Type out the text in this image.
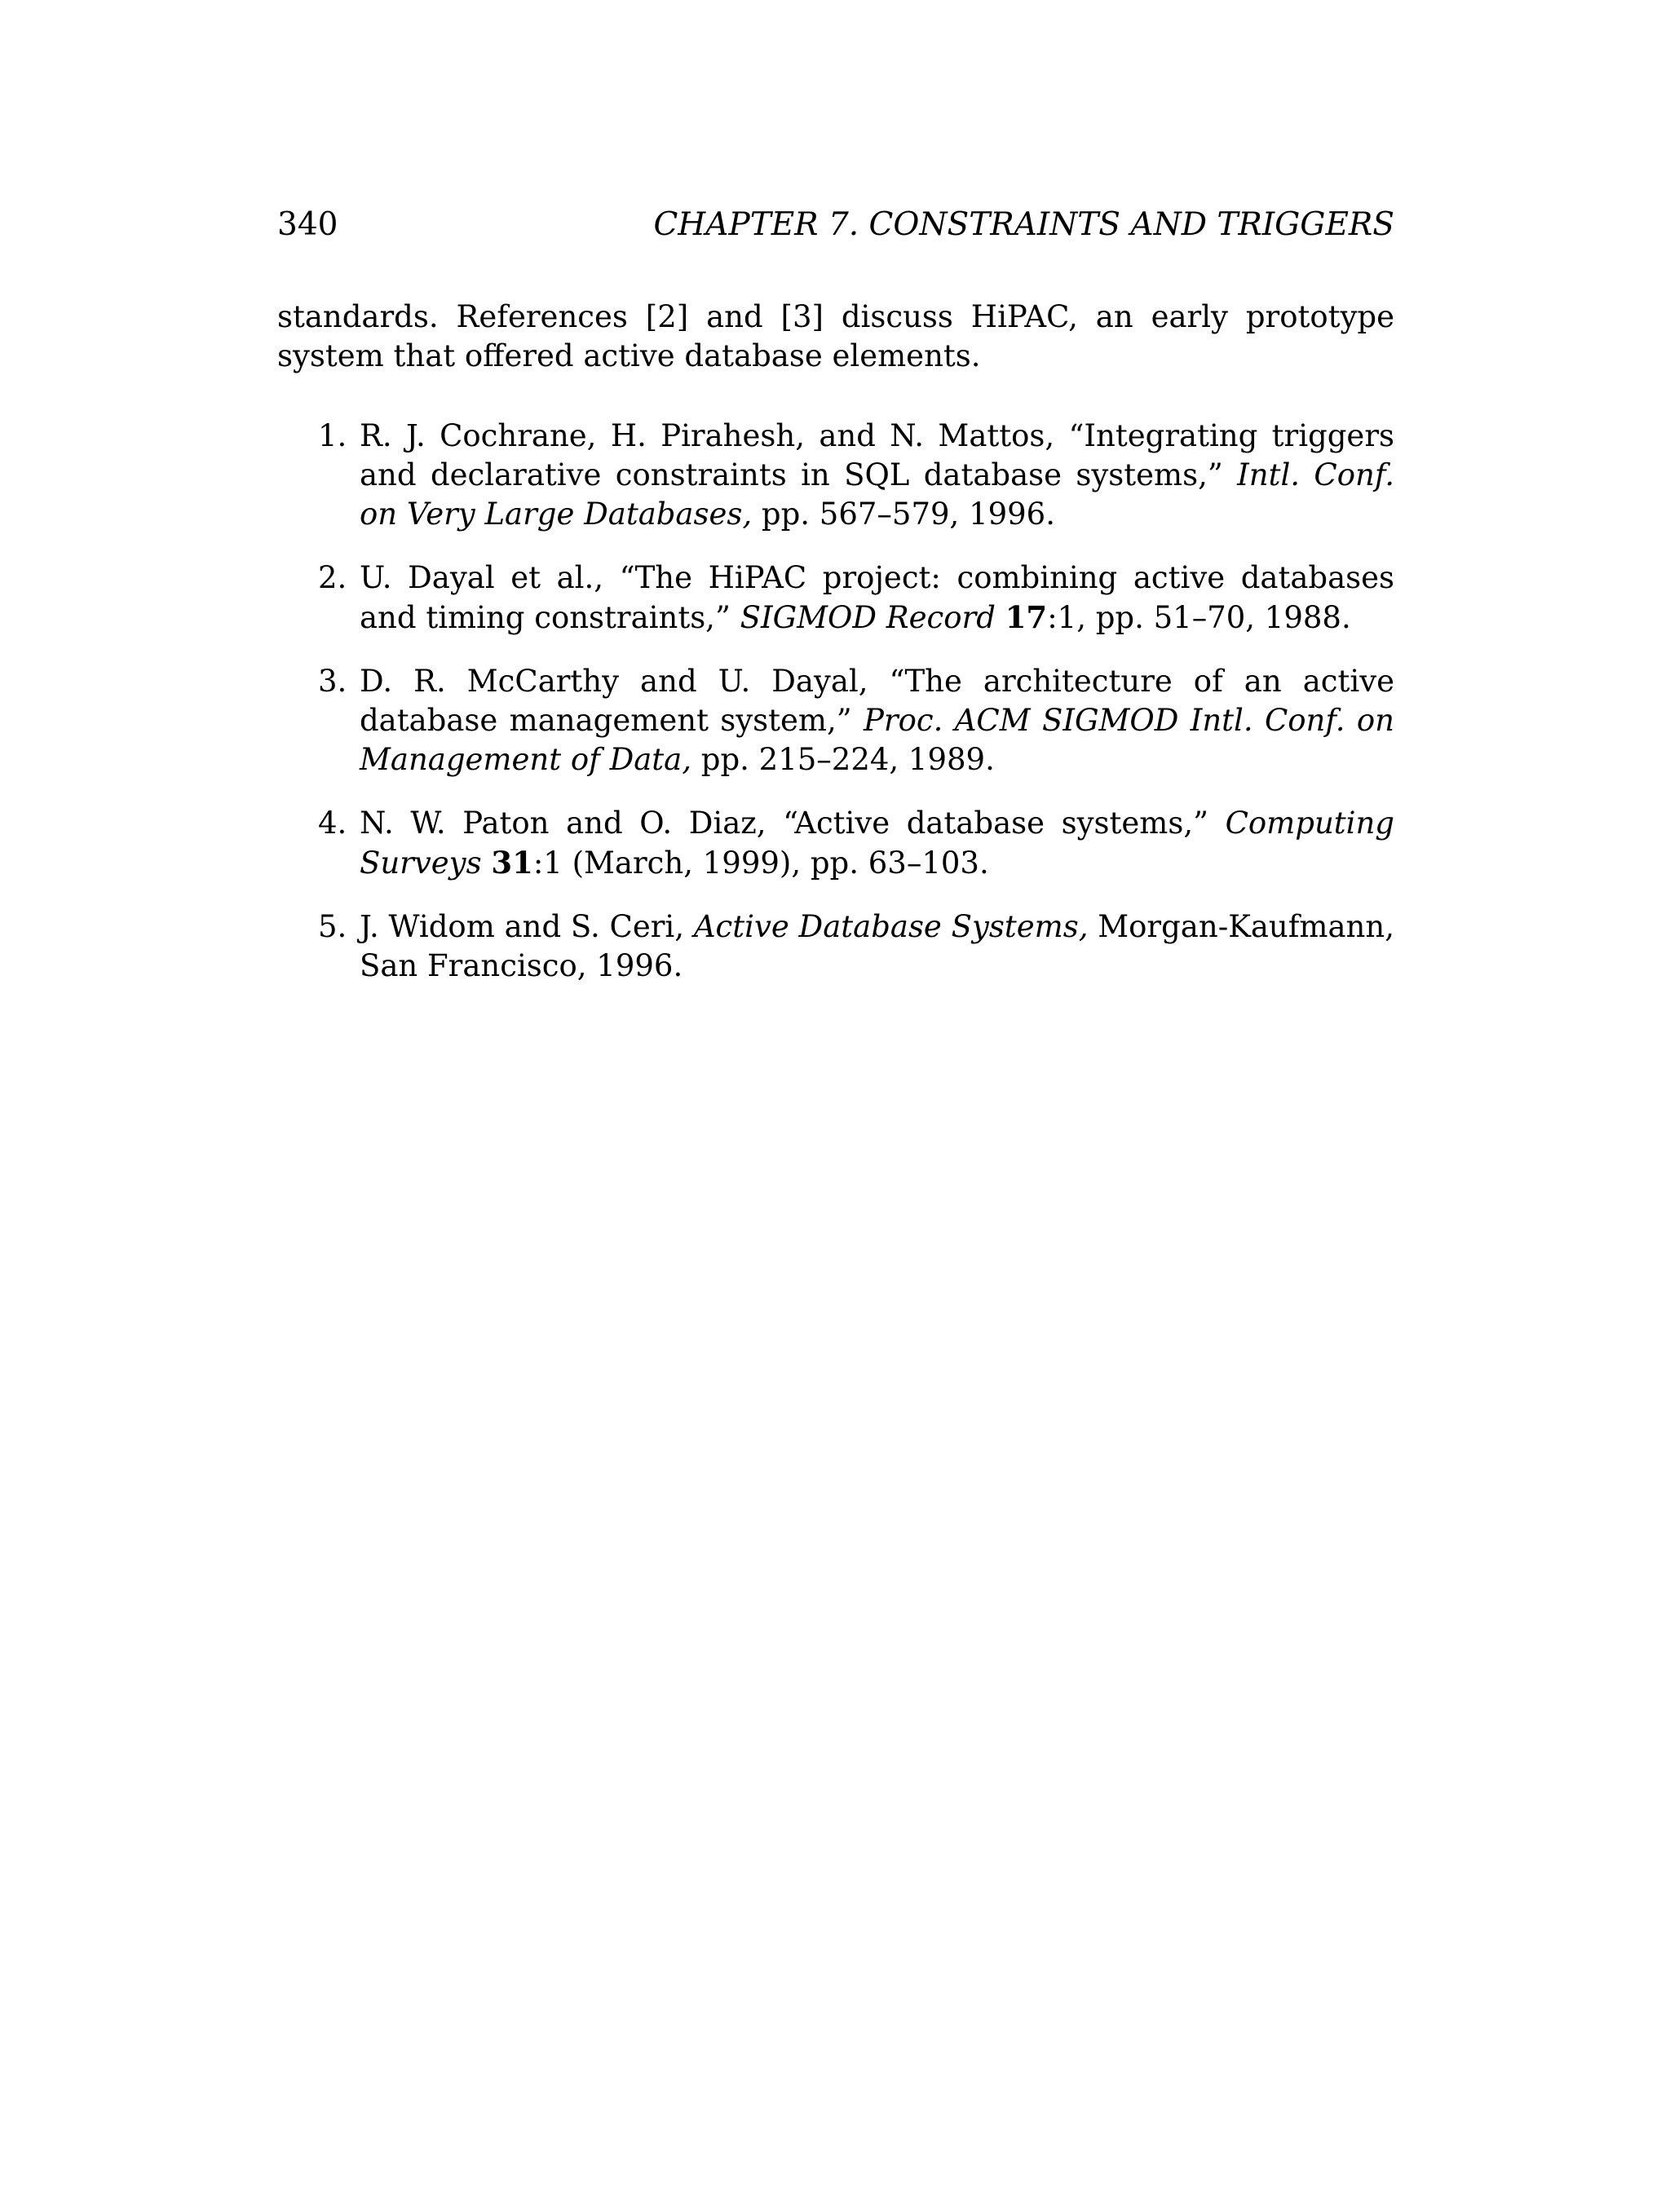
340	CHAPTER 7. CONSTRAINTS AND TRIGGERS

standards. References [2] and [3] discuss HiPAC, an early prototype system that offered active database elements.

1. R. J. Cochrane, H. Pirahesh, and N. Mattos, “Integrating triggers and declarative constraints in SQL database systems,” Intl. Conf. on Very Large Databases, pp. 567–579, 1996.
2. U. Dayal et al., “The HiPAC project: combining active databases and timing constraints,” SIGMOD Record 17:1, pp. 51–70, 1988.
3. D. R. McCarthy and U. Dayal, “The architecture of an active database management system,” Proc. ACM SIGMOD Intl. Conf. on Management of Data, pp. 215–224, 1989.
4. N. W. Paton and O. Diaz, “Active database systems,” Computing Surveys 31:1 (March, 1999), pp. 63–103.
5. J. Widom and S. Ceri, Active Database Systems, Morgan-Kaufmann, San Francisco, 1996.
